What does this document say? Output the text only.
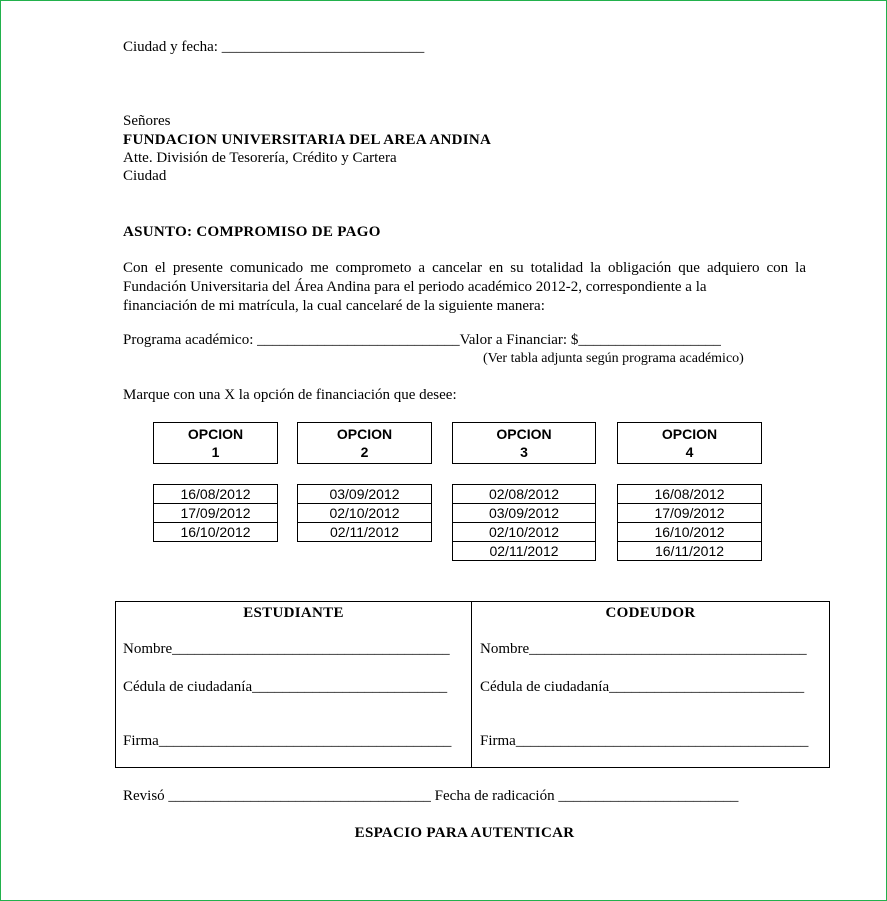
Ciudad y fecha: ___________________________
Señores
FUNDACION UNIVERSITARIA DEL AREA ANDINA
Atte. División de Tesorería, Crédito y Cartera
Ciudad
ASUNTO: COMPROMISO DE PAGO
Con el presente comunicado me comprometo a cancelar en su totalidad la obligación que adquiero con la Fundación Universitaria del Área Andina para el periodo académico 2012-2, correspondiente a la
financiación de mi matrícula, la cual cancelaré de la siguiente manera:
Programa académico: ___________________________Valor a Financiar: $___________________
(Ver tabla adjunta según programa académico)
Marque con una X la opción de financiación que desee:
OPCION
1
OPCION
2
OPCION
3
OPCION
4
16/08/2012
17/09/2012
16/10/2012
03/09/2012
02/10/2012
02/11/2012
02/08/2012
03/09/2012
02/10/2012
02/11/2012
16/08/2012
17/09/2012
16/10/2012
16/11/2012
ESTUDIANTE
Nombre_____________________________________
Cédula de ciudadanía__________________________
Firma_______________________________________
CODEUDOR
Nombre_____________________________________
Cédula de ciudadanía__________________________
Firma_______________________________________
Revisó ___________________________________ Fecha de radicación ________________________
ESPACIO PARA AUTENTICAR
